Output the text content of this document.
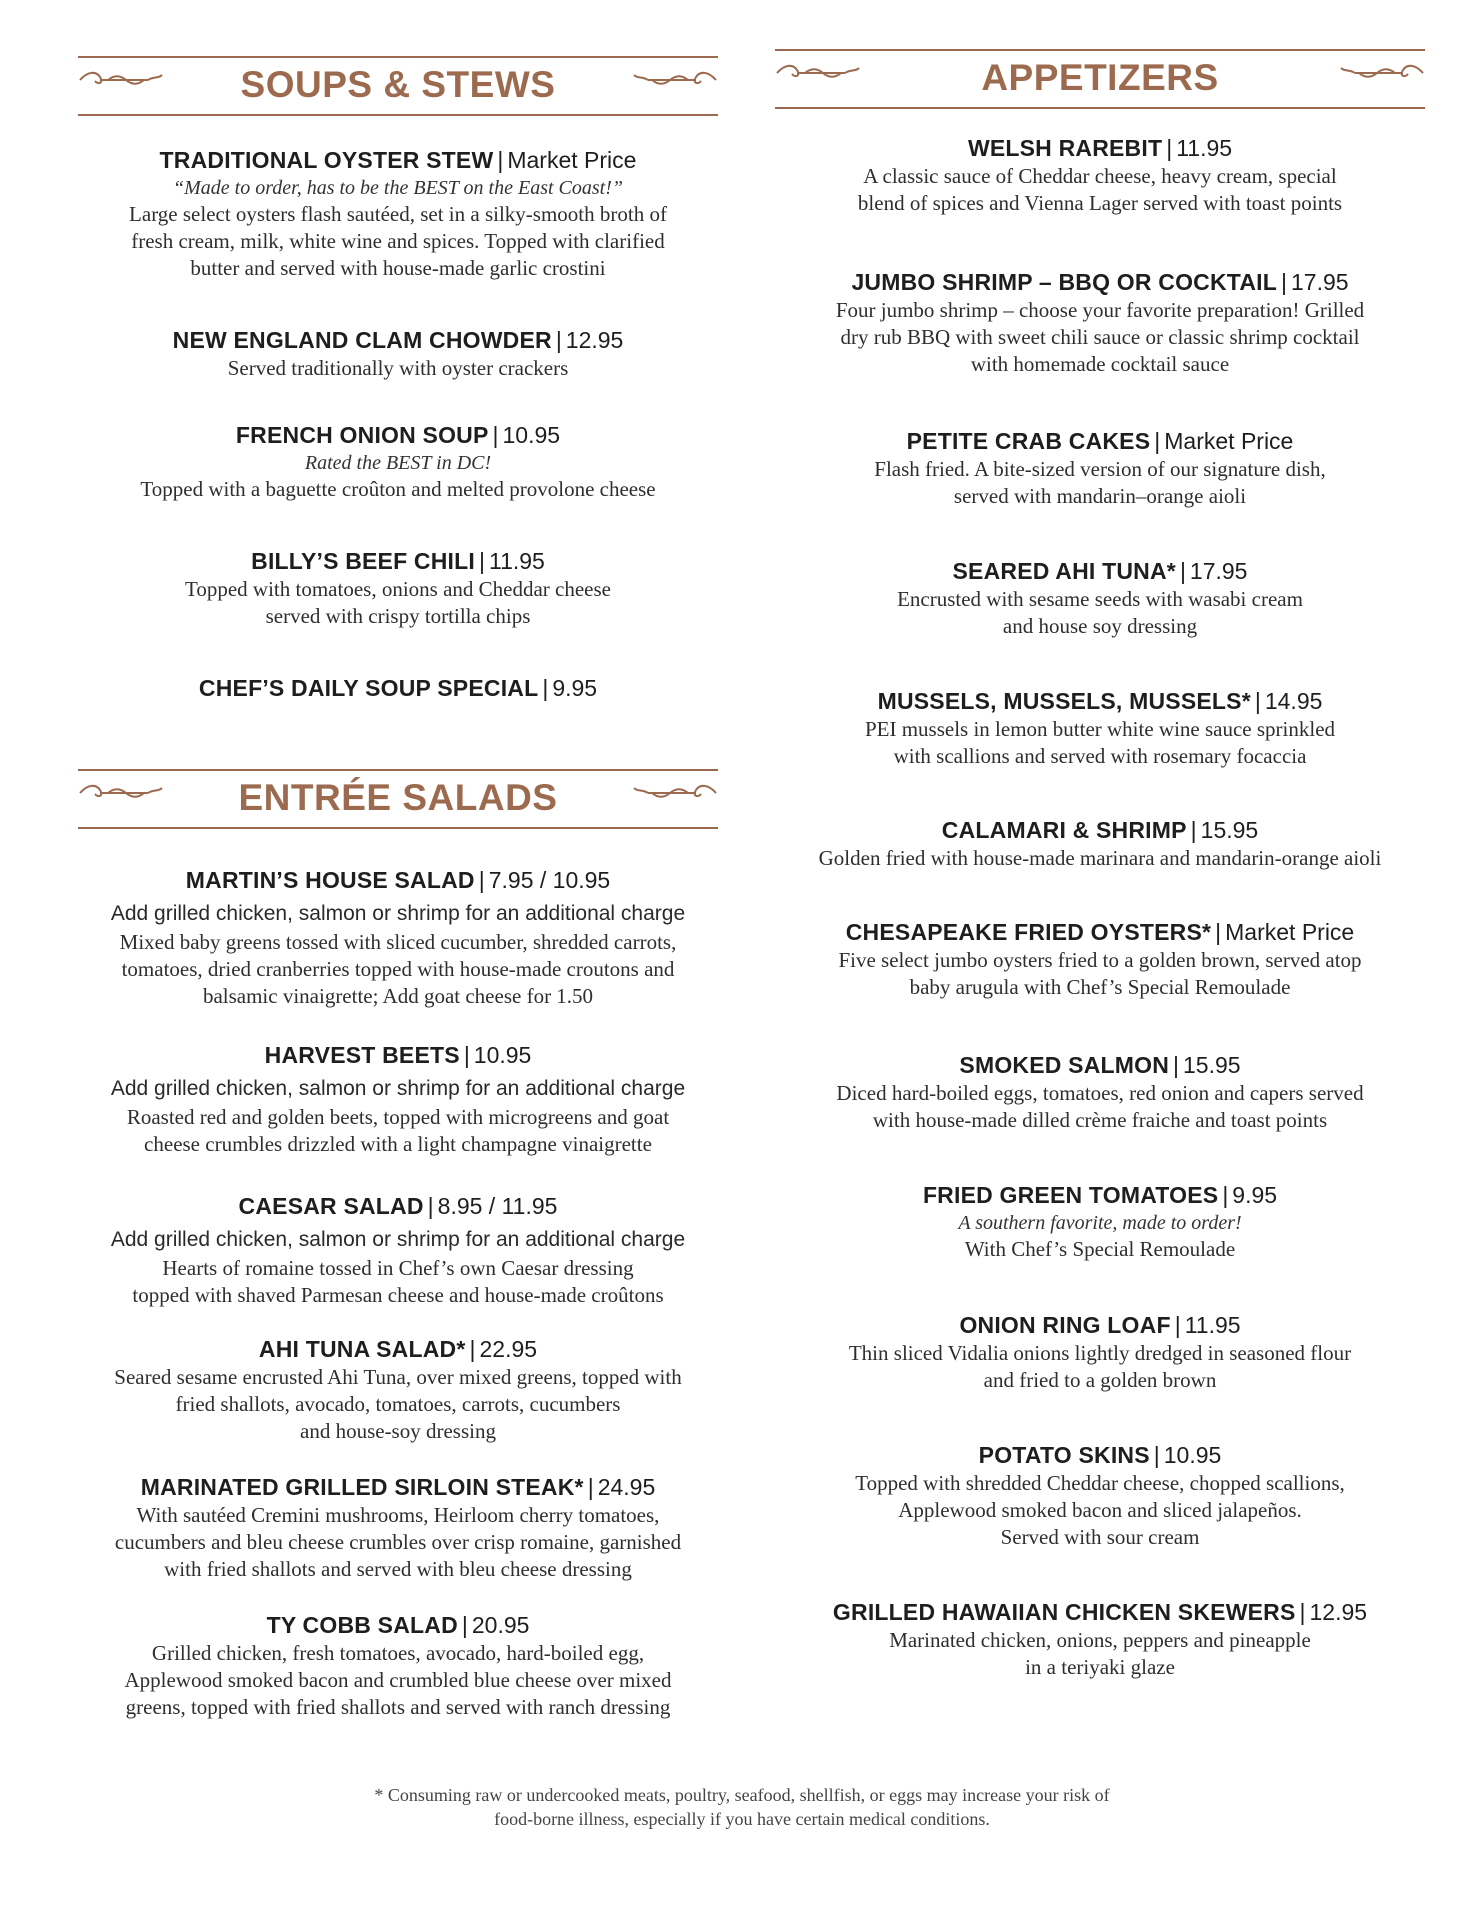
SOUPS & STEWS
TRADITIONAL OYSTER STEW | Market Price
“Made to order, has to be the BEST on the East Coast!”
Large select oysters flash sautéed, set in a silky-smooth broth of
fresh cream, milk, white wine and spices. Topped with clarified
butter and served with house-made garlic crostini
NEW ENGLAND CLAM CHOWDER | 12.95
Served traditionally with oyster crackers
FRENCH ONION SOUP | 10.95
Rated the BEST in DC!
Topped with a baguette croûton and melted provolone cheese
BILLY’S BEEF CHILI | 11.95
Topped with tomatoes, onions and Cheddar cheese
served with crispy tortilla chips
CHEF’S DAILY SOUP SPECIAL | 9.95
ENTRÉE SALADS
MARTIN’S HOUSE SALAD | 7.95 / 10.95
Add grilled chicken, salmon or shrimp for an additional charge
Mixed baby greens tossed with sliced cucumber, shredded carrots,
tomatoes, dried cranberries topped with house-made croutons and
balsamic vinaigrette; Add goat cheese for 1.50
HARVEST BEETS | 10.95
Add grilled chicken, salmon or shrimp for an additional charge
Roasted red and golden beets, topped with microgreens and goat
cheese crumbles drizzled with a light champagne vinaigrette
CAESAR SALAD | 8.95 / 11.95
Add grilled chicken, salmon or shrimp for an additional charge
Hearts of romaine tossed in Chef’s own Caesar dressing
topped with shaved Parmesan cheese and house-made croûtons
AHI TUNA SALAD* | 22.95
Seared sesame encrusted Ahi Tuna, over mixed greens, topped with
fried shallots, avocado, tomatoes, carrots, cucumbers
and house-soy dressing
MARINATED GRILLED SIRLOIN STEAK* | 24.95
With sautéed Cremini mushrooms, Heirloom cherry tomatoes,
cucumbers and bleu cheese crumbles over crisp romaine, garnished
with fried shallots and served with bleu cheese dressing
TY COBB SALAD | 20.95
Grilled chicken, fresh tomatoes, avocado, hard-boiled egg,
Applewood smoked bacon and crumbled blue cheese over mixed
greens, topped with fried shallots and served with ranch dressing
APPETIZERS
WELSH RAREBIT | 11.95
A classic sauce of Cheddar cheese, heavy cream, special
blend of spices and Vienna Lager served with toast points
JUMBO SHRIMP – BBQ OR COCKTAIL | 17.95
Four jumbo shrimp – choose your favorite preparation! Grilled
dry rub BBQ with sweet chili sauce or classic shrimp cocktail
with homemade cocktail sauce
PETITE CRAB CAKES | Market Price
Flash fried. A bite-sized version of our signature dish,
served with mandarin–orange aioli
SEARED AHI TUNA* | 17.95
Encrusted with sesame seeds with wasabi cream
and house soy dressing
MUSSELS, MUSSELS, MUSSELS* | 14.95
PEI mussels in lemon butter white wine sauce sprinkled
with scallions and served with rosemary focaccia
CALAMARI & SHRIMP | 15.95
Golden fried with house-made marinara and mandarin-orange aioli
CHESAPEAKE FRIED OYSTERS* | Market Price
Five select jumbo oysters fried to a golden brown, served atop
baby arugula with Chef’s Special Remoulade
SMOKED SALMON | 15.95
Diced hard-boiled eggs, tomatoes, red onion and capers served
with house-made dilled crème fraiche and toast points
FRIED GREEN TOMATOES | 9.95
A southern favorite, made to order!
With Chef’s Special Remoulade
ONION RING LOAF | 11.95
Thin sliced Vidalia onions lightly dredged in seasoned flour
and fried to a golden brown
POTATO SKINS | 10.95
Topped with shredded Cheddar cheese, chopped scallions,
Applewood smoked bacon and sliced jalapeños.
Served with sour cream
GRILLED HAWAIIAN CHICKEN SKEWERS | 12.95
Marinated chicken, onions, peppers and pineapple
in a teriyaki glaze
* Consuming raw or undercooked meats, poultry, seafood, shellfish, or eggs may increase your risk of
food-borne illness, especially if you have certain medical conditions.
